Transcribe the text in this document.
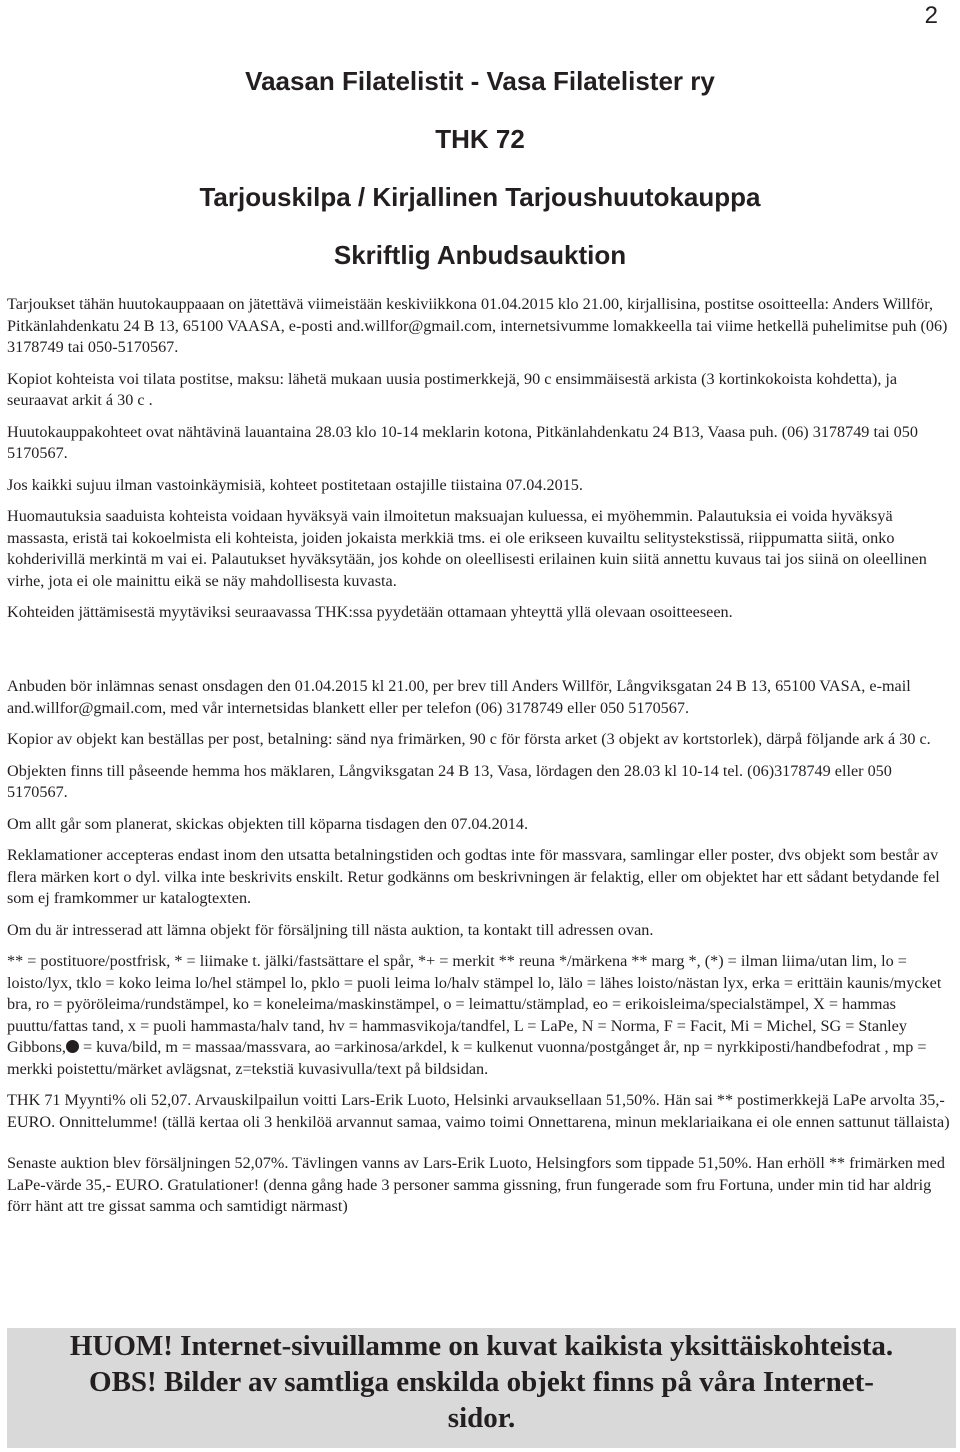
2
Vaasan Filatelistit - Vasa Filatelister ry
THK 72
Tarjouskilpa / Kirjallinen Tarjoushuutokauppa
Skriftlig Anbudsauktion

Tarjoukset tähän huutokauppaaan on jätettävä viimeistään keskiviikkona 01.04.2015 klo 21.00, kirjallisina, postitse osoitteella: Anders Willför, Pitkänlahdenkatu 24 B 13, 65100 VAASA, e-posti and.willfor@gmail.com, internetsivumme lomakkeella tai viime hetkellä puhelimitse puh (06) 3178749 tai 050-5170567.

Kopiot kohteista voi tilata postitse, maksu: lähetä mukaan uusia postimerkkejä, 90 c ensimmäisestä arkista (3 kortinkokoista kohdetta), ja seuraavat arkit á 30 c .

Huutokauppakohteet ovat nähtävinä lauantaina 28.03 klo 10-14 meklarin kotona, Pitkänlahdenkatu 24 B13, Vaasa puh. (06) 3178749 tai 050 5170567.

Jos kaikki sujuu ilman vastoinkäymisiä, kohteet postitetaan ostajille tiistaina 07.04.2015.

Huomautuksia saaduista kohteista voidaan hyväksyä vain ilmoitetun maksuajan kuluessa, ei myöhemmin. Palautuksia ei voida hyväksyä massasta, eristä tai kokoelmista eli kohteista, joiden jokaista merkkiä tms. ei ole erikseen kuvailtu selitystekstissä, riippumatta siitä, onko kohderivillä merkintä m vai ei. Palautukset hyväksytään, jos kohde on oleellisesti erilainen kuin siitä annettu kuvaus tai jos siinä on oleellinen virhe, jota ei ole mainittu eikä se näy mahdollisesta kuvasta.

Kohteiden jättämisestä myytäviksi seuraavassa THK:ssa pyydetään ottamaan yhteyttä yllä olevaan osoitteeseen.

Anbuden bör inlämnas senast onsdagen den 01.04.2015 kl 21.00, per brev till Anders Willför, Långviksgatan 24 B 13, 65100 VASA, e-mail and.willfor@gmail.com, med vår internetsidas blankett eller per telefon (06) 3178749 eller 050 5170567.

Kopior av objekt kan beställas per post, betalning: sänd nya frimärken, 90 c för första arket (3 objekt av kortstorlek), därpå följande ark á 30 c.

Objekten finns till påseende hemma hos mäklaren, Långviksgatan 24 B 13, Vasa, lördagen den 28.03 kl 10-14 tel. (06)3178749 eller 050 5170567.

Om allt går som planerat, skickas objekten till köparna tisdagen den 07.04.2014.

Reklamationer accepteras endast inom den utsatta betalningstiden och godtas inte för massvara, samlingar eller poster, dvs objekt som består av flera märken kort o dyl. vilka inte beskrivits enskilt. Retur godkänns om beskrivningen är felaktig, eller om objektet har ett sådant betydande fel som ej framkommer ur katalogtexten.

Om du är intresserad att lämna objekt för försäljning till nästa auktion, ta kontakt till adressen ovan.

** = postituore/postfrisk, * = liimake t. jälki/fastsättare el spår, *+ = merkit ** reuna */märkena ** marg *, (*) = ilman liima/utan lim, lo = loisto/lyx, tklo = koko leima lo/hel stämpel lo, pklo = puoli leima lo/halv stämpel lo, lälo = lähes loisto/nästan lyx, erka = erittäin kaunis/mycket bra, ro = pyöröleima/rundstämpel, ko = koneleima/maskinstämpel, o = leimattu/stämplad, eo = erikoisleima/specialstämpel, X = hammas puuttu/fattas tand, x = puoli hammasta/halv tand, hv = hammasvikoja/tandfel, L = LaPe, N = Norma, F = Facit, Mi = Michel, SG = Stanley Gibbons, = kuva/bild, m = massaa/massvara, ao =arkinosa/arkdel, k = kulkenut vuonna/postgånget år, np = nyrkkiposti/handbefodrat , mp = merkki poistettu/märket avlägsnat, z=tekstiä kuvasivulla/text på bildsidan.

THK 71 Myynti% oli 52,07. Arvauskilpailun voitti Lars-Erik Luoto, Helsinki arvauksellaan 51,50%. Hän sai ** postimerkkejä LaPe arvolta 35,- EURO. Onnittelumme! (tällä kertaa oli 3 henkilöä arvannut samaa, vaimo toimi Onnettarena, minun meklariaikana ei ole ennen sattunut tällaista)

Senaste auktion blev försäljningen 52,07%. Tävlingen vanns av Lars-Erik Luoto, Helsingfors som tippade 51,50%. Han erhöll ** frimärken med LaPe-värde 35,- EURO. Gratulationer! (denna gång hade 3 personer samma gissning, frun fungerade som fru Fortuna, under min tid har aldrig förr hänt att tre gissat samma och samtidigt närmast)

HUOM! Internet-sivuillamme on kuvat kaikista yksittäiskohteista.
OBS! Bilder av samtliga enskilda objekt finns på våra Internet-
sidor.
